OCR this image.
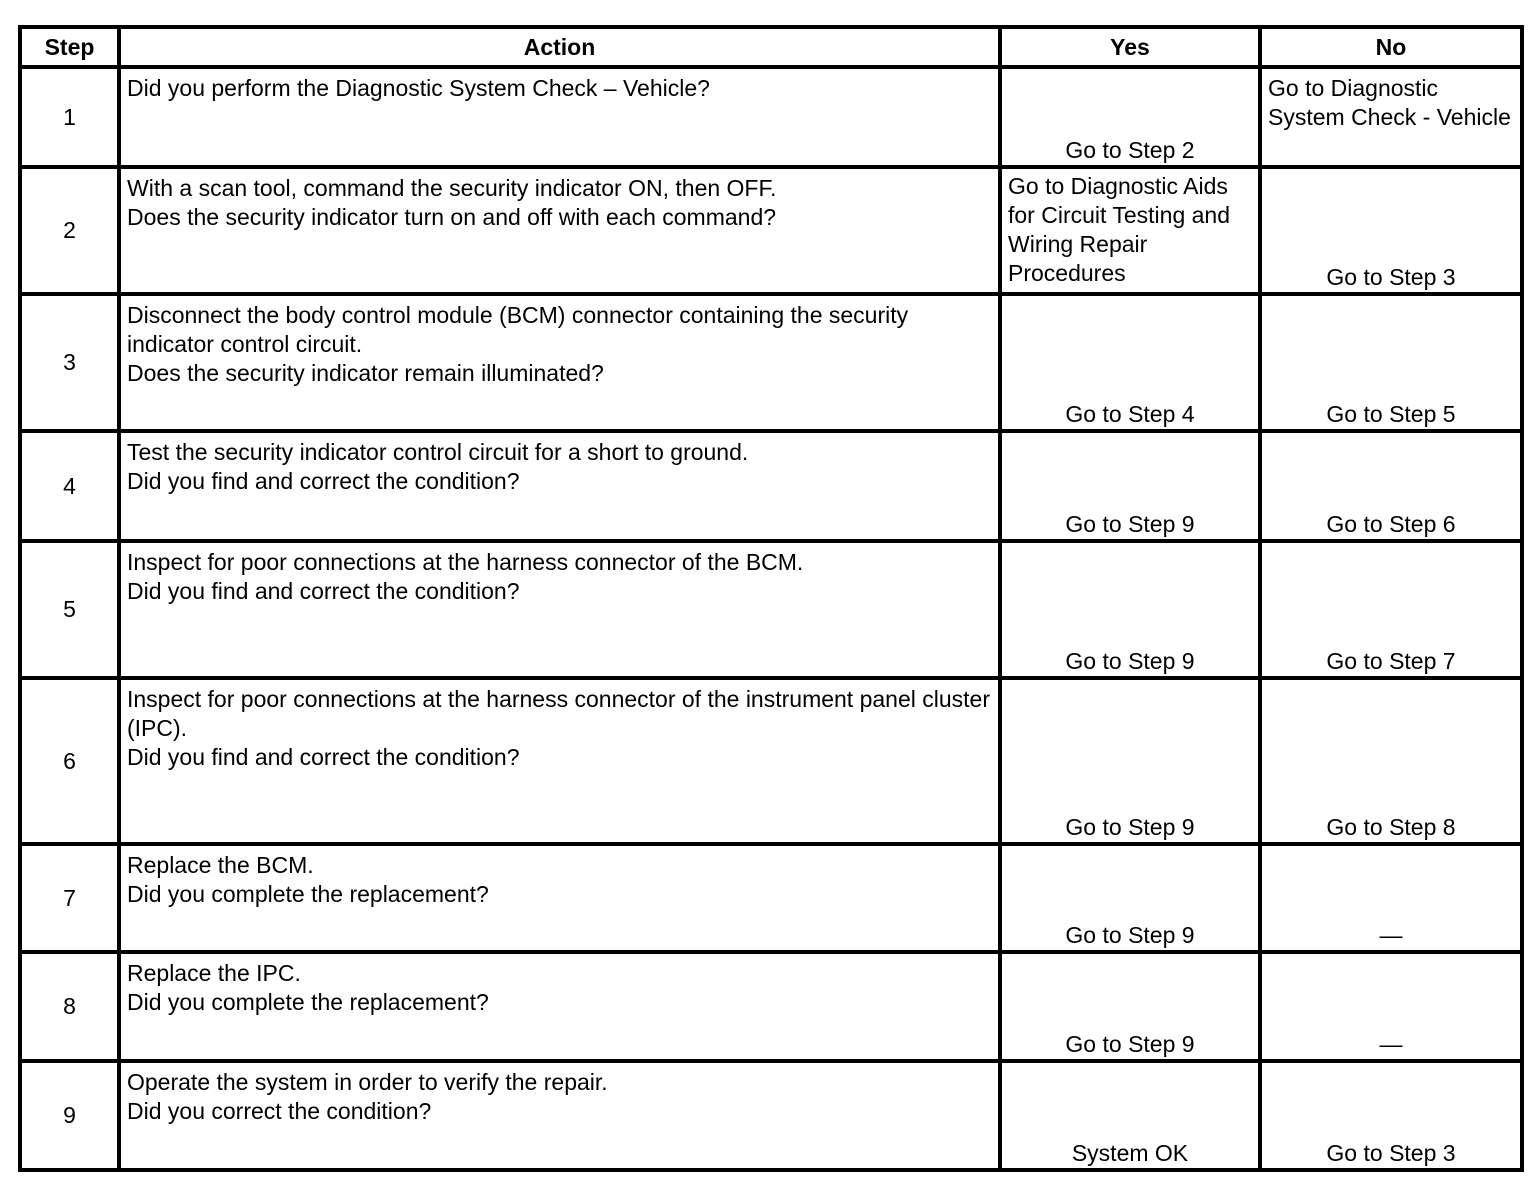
Step	Action	Yes	No
1	Did you perform the Diagnostic System Check – Vehicle?	Go to Step 2	Go to Diagnostic System Check - Vehicle
2	With a scan tool, command the security indicator ON, then OFF.
Does the security indicator turn on and off with each command?	Go to Diagnostic Aids for Circuit Testing and Wiring Repair Procedures	Go to Step 3
3	Disconnect the body control module (BCM) connector containing the security indicator control circuit.
Does the security indicator remain illuminated?	Go to Step 4	Go to Step 5
4	Test the security indicator control circuit for a short to ground.
Did you find and correct the condition?	Go to Step 9	Go to Step 6
5	Inspect for poor connections at the harness connector of the BCM.
Did you find and correct the condition?	Go to Step 9	Go to Step 7
6	Inspect for poor connections at the harness connector of the instrument panel cluster (IPC).
Did you find and correct the condition?	Go to Step 9	Go to Step 8
7	Replace the BCM.
Did you complete the replacement?	Go to Step 9	—
8	Replace the IPC.
Did you complete the replacement?	Go to Step 9	—
9	Operate the system in order to verify the repair.
Did you correct the condition?	System OK	Go to Step 3
